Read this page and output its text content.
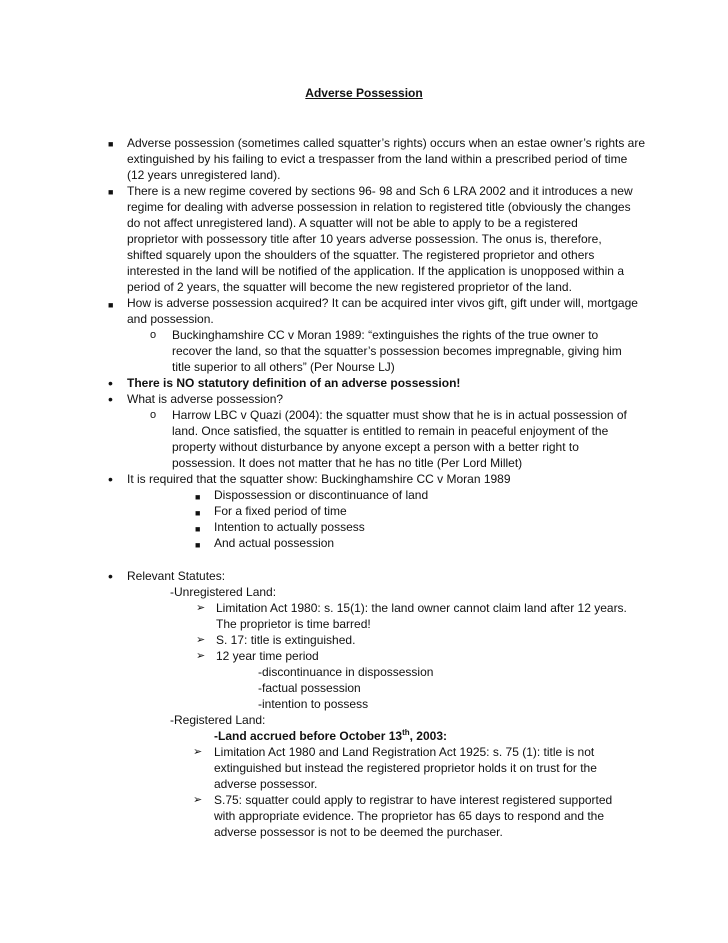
Adverse Possession
■ Adverse possession (sometimes called squatter’s rights) occurs when an estae owner’s rights are
extinguished by his failing to evict a trespasser from the land within a prescribed period of time
(12 years unregistered land).
■ There is a new regime covered by sections 96- 98 and Sch 6 LRA 2002 and it introduces a new
regime for dealing with adverse possession in relation to registered title (obviously the changes
do not affect unregistered land). A squatter will not be able to apply to be a registered
proprietor with possessory title after 10 years adverse possession. The onus is, therefore,
shifted squarely upon the shoulders of the squatter. The registered proprietor and others
interested in the land will be notified of the application. If the application is unopposed within a
period of 2 years, the squatter will become the new registered proprietor of the land.
■ How is adverse possession acquired? It can be acquired inter vivos gift, gift under will, mortgage
and possession.
o Buckinghamshire CC v Moran 1989: “extinguishes the rights of the true owner to
recover the land, so that the squatter’s possession becomes impregnable, giving him
title superior to all others” (Per Nourse LJ)
• There is NO statutory definition of an adverse possession!
• What is adverse possession?
o Harrow LBC v Quazi (2004): the squatter must show that he is in actual possession of
land. Once satisfied, the squatter is entitled to remain in peaceful enjoyment of the
property without disturbance by anyone except a person with a better right to
possession. It does not matter that he has no title (Per Lord Millet)
• It is required that the squatter show: Buckinghamshire CC v Moran 1989
■ Dispossession or discontinuance of land
■ For a fixed period of time
■ Intention to actually possess
■ And actual possession
• Relevant Statutes:
-Unregistered Land:
➢ Limitation Act 1980: s. 15(1): the land owner cannot claim land after 12 years.
The proprietor is time barred!
➢ S. 17: title is extinguished.
➢ 12 year time period
-discontinuance in dispossession
-factual possession
-intention to possess
-Registered Land:
-Land accrued before October 13th, 2003:
➢ Limitation Act 1980 and Land Registration Act 1925: s. 75 (1): title is not
extinguished but instead the registered proprietor holds it on trust for the
adverse possessor.
➢ S.75: squatter could apply to registrar to have interest registered supported
with appropriate evidence. The proprietor has 65 days to respond and the
adverse possessor is not to be deemed the purchaser.
